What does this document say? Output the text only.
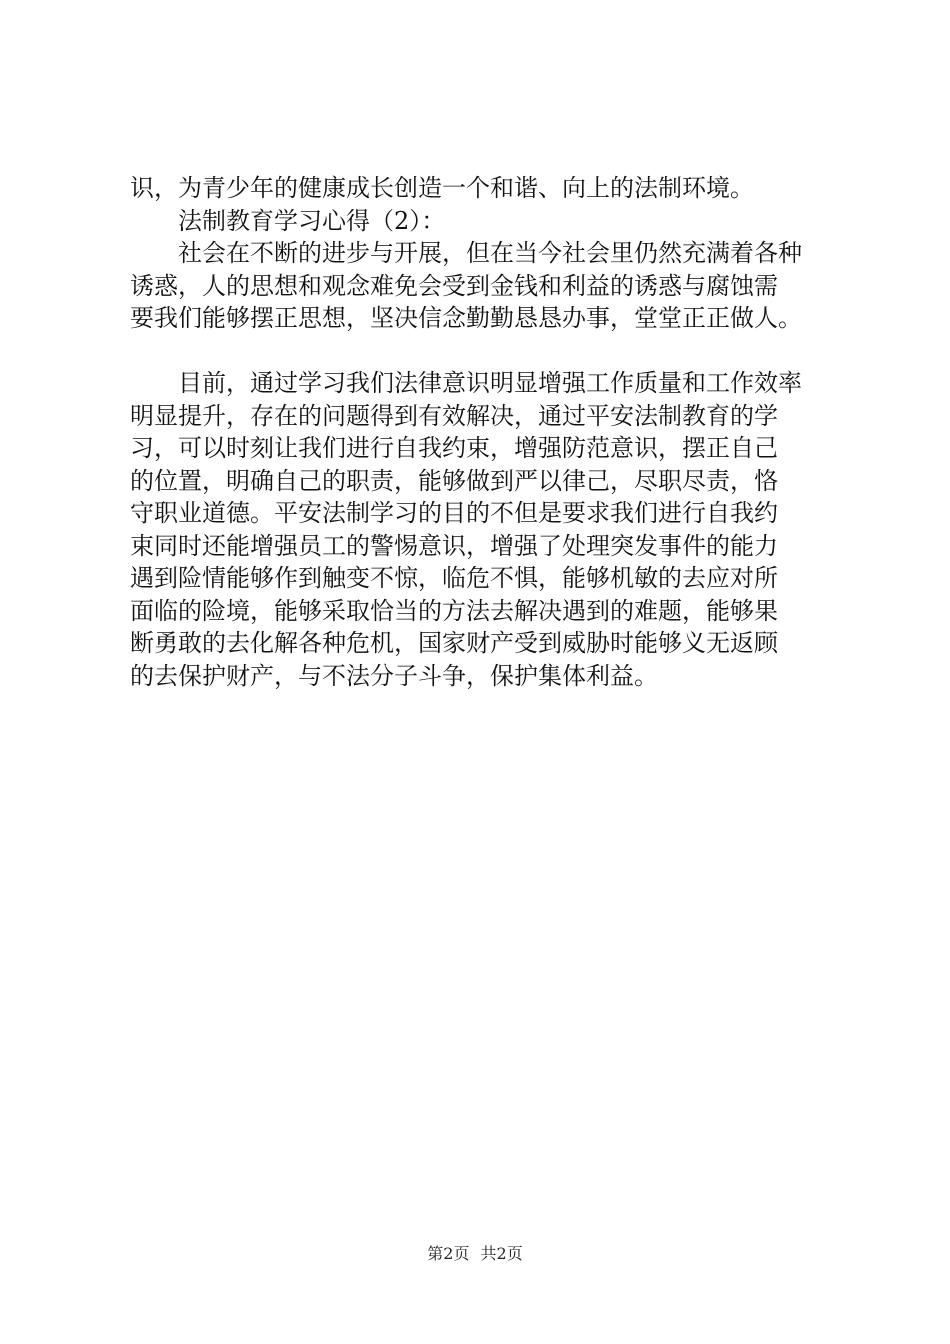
识，为青少年的健康成长创造一个和谐、向上的法制环境。
法制教育学习心得（2）：
社会在不断的进步与开展，但在当今社会里仍然充满着各种
诱惑，人的思想和观念难免会受到金钱和利益的诱惑与腐蚀需
要我们能够摆正思想，坚决信念勤勤恳恳办事，堂堂正正做人。
目前，通过学习我们法律意识明显增强工作质量和工作效率
明显提升，存在的问题得到有效解决，通过平安法制教育的学
习，可以时刻让我们进行自我约束，增强防范意识，摆正自己
的位置，明确自己的职责，能够做到严以律己，尽职尽责，恪
守职业道德。平安法制学习的目的不但是要求我们进行自我约
束同时还能增强员工的警惕意识，增强了处理突发事件的能力
遇到险情能够作到触变不惊，临危不惧，能够机敏的去应对所
面临的险境，能够采取恰当的方法去解决遇到的难题，能够果
断勇敢的去化解各种危机，国家财产受到威胁时能够义无返顾
的去保护财产，与不法分子斗争，保护集体利益。
第2页 共2页
